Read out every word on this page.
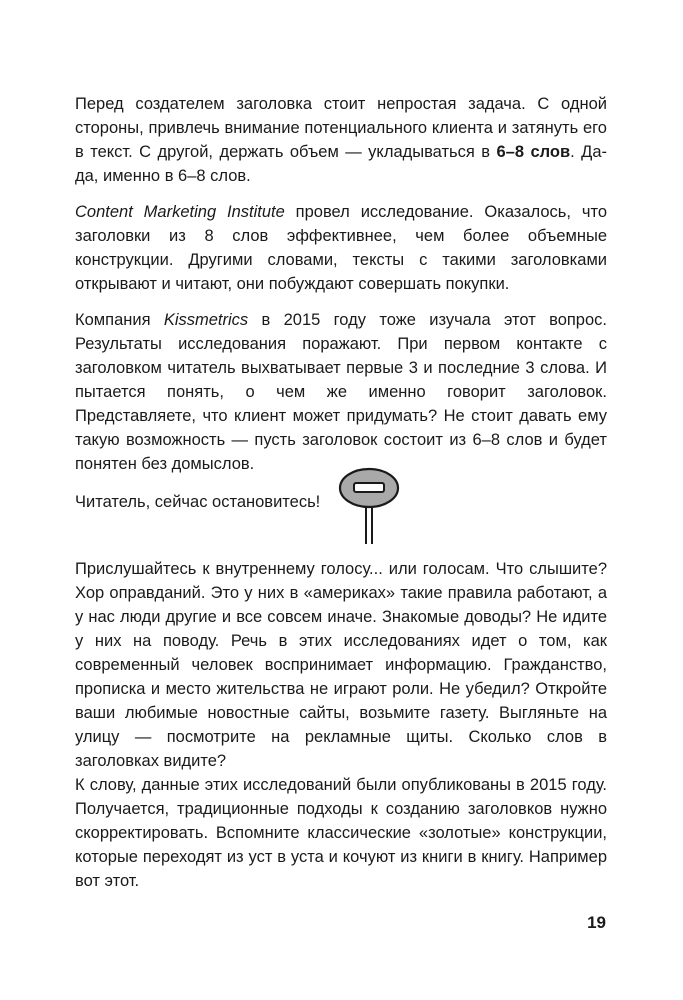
Перед создателем заголовка стоит непростая задача. С одной стороны, привлечь внимание потенциального клиента и затянуть его в текст. С другой, держать объем — укладываться в 6–8 слов. Да-да, именно в 6–8 слов.

Content Marketing Institute провел исследование. Оказалось, что заголовки из 8 слов эффективнее, чем более объемные конструкции. Другими словами, тексты с такими заголовками открывают и читают, они побуждают совершать покупки.

Компания Kissmetrics в 2015 году тоже изучала этот вопрос. Результаты исследования поражают. При первом контакте с заголовком читатель выхватывает первые 3 и последние 3 слова. И пытается понять, о чем же именно говорит заголовок. Представляете, что клиент может придумать? Не стоит давать ему такую возможность — пусть заголовок состоит из 6–8 слов и будет понятен без домыслов.

Читатель, сейчас остановитесь!

Прислушайтесь к внутреннему голосу... или голосам. Что слышите? Хор оправданий. Это у них в «америках» такие правила работают, а у нас люди другие и все совсем иначе. Знакомые доводы? Не идите у них на поводу. Речь в этих исследованиях идет о том, как современный человек воспринимает информацию. Гражданство, прописка и место жительства не играют роли. Не убедил? Откройте ваши любимые новостные сайты, возьмите газету. Выгляньте на улицу — посмотрите на рекламные щиты. Сколько слов в заголовках видите?

К слову, данные этих исследований были опубликованы в 2015 году. Получается, традиционные подходы к созданию заголовков нужно скорректировать. Вспомните классические «золотые» конструкции, которые переходят из уст в уста и кочуют из книги в книгу. Например вот этот.

19
